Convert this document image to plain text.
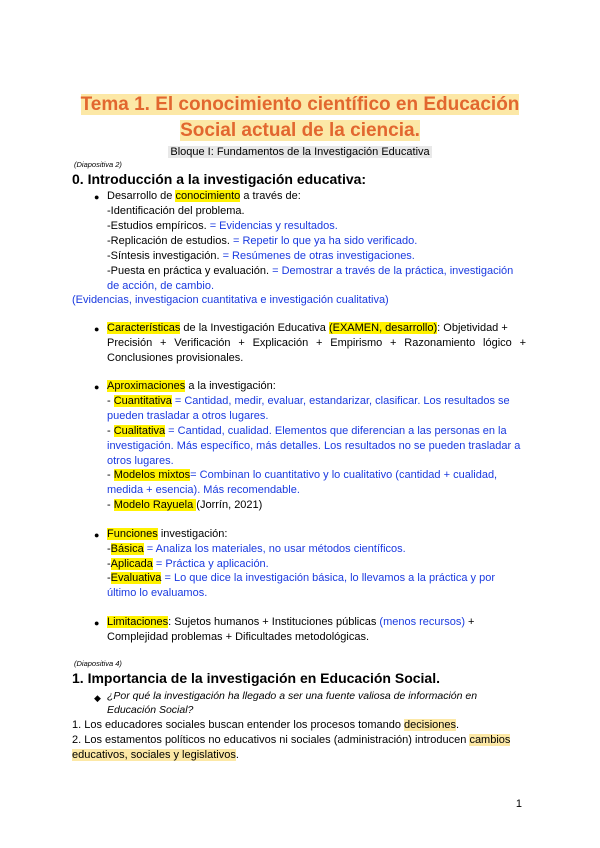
Tema 1. El conocimiento científico en Educación
Social actual de la ciencia.
Bloque I: Fundamentos de la Investigación Educativa
(Diapositiva 2)
0. Introducción a la investigación educativa:
● Desarrollo de conocimiento a través de:
-Identificación del problema.
-Estudios empíricos. = Evidencias y resultados.
-Replicación de estudios. = Repetir lo que ya ha sido verificado.
-Síntesis investigación. = Resúmenes de otras investigaciones.
-Puesta en práctica y evaluación. = Demostrar a través de la práctica, investigación
de acción, de cambio.
(Evidencias, investigacion cuantitativa e investigación cualitativa)
● Características de la Investigación Educativa (EXAMEN, desarrollo): Objetividad +
Precisión + Verificación + Explicación + Empirismo + Razonamiento lógico +
Conclusiones provisionales.
● Aproximaciones a la investigación:
- Cuantitativa = Cantidad, medir, evaluar, estandarizar, clasificar. Los resultados se
pueden trasladar a otros lugares.
- Cualitativa = Cantidad, cualidad. Elementos que diferencian a las personas en la
investigación. Más específico, más detalles. Los resultados no se pueden trasladar a
otros lugares.
- Modelos mixtos= Combinan lo cuantitativo y lo cualitativo (cantidad + cualidad,
medida + esencia). Más recomendable.
- Modelo Rayuela (Jorrín, 2021)
● Funciones investigación:
-Básica = Analiza los materiales, no usar métodos científicos.
-Aplicada = Práctica y aplicación.
-Evaluativa = Lo que dice la investigación básica, lo llevamos a la práctica y por
último lo evaluamos.
● Limitaciones: Sujetos humanos + Instituciones públicas (menos recursos) +
Complejidad problemas + Dificultades metodológicas.
(Diapositiva 4)
1. Importancia de la investigación en Educación Social.
◆ ¿Por qué la investigación ha llegado a ser una fuente valiosa de información en
Educación Social?
1. Los educadores sociales buscan entender los procesos tomando decisiones.
2. Los estamentos políticos no educativos ni sociales (administración) introducen cambios
educativos, sociales y legislativos.
1
